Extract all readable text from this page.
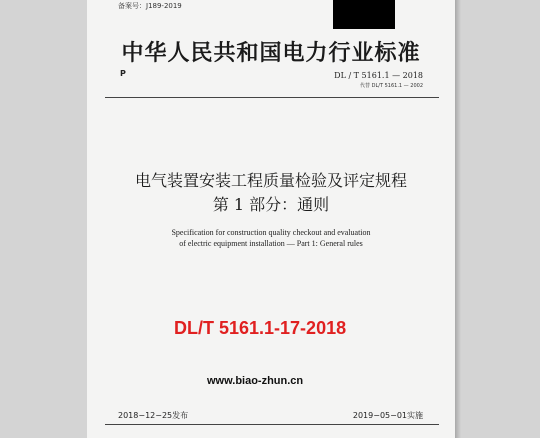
备案号：J189-2019
中华人民共和国电力行业标准
P	DL / T 5161.1 — 2018
代替 DL/T 5161.1 — 2002
电气装置安装工程质量检验及评定规程
第 1 部分：通则
Specification for construction quality checkout and evaluation
of electric equipment installation — Part 1: General rules
DL/T 5161.1-17-2018
www.biao-zhun.cn
2018−12−25发布	2019−05−01实施
